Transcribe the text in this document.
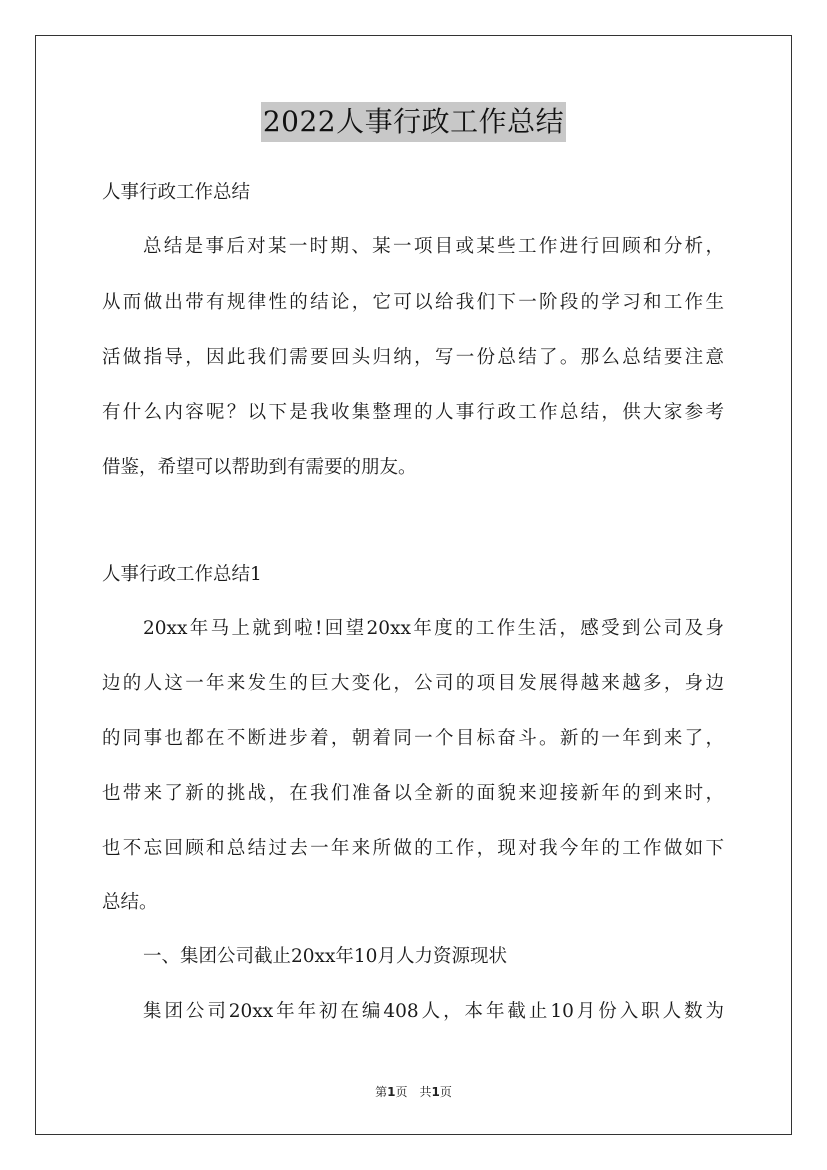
2022人事行政工作总结
人事行政工作总结
总结是事后对某一时期、某一项目或某些工作进行回顾和分析，
从而做出带有规律性的结论，它可以给我们下一阶段的学习和工作生
活做指导，因此我们需要回头归纳，写一份总结了。那么总结要注意
有什么内容呢？以下是我收集整理的人事行政工作总结，供大家参考
借鉴，希望可以帮助到有需要的朋友。
人事行政工作总结1
20xx年马上就到啦!回望20xx年度的工作生活，感受到公司及身
边的人这一年来发生的巨大变化，公司的项目发展得越来越多，身边
的同事也都在不断进步着，朝着同一个目标奋斗。新的一年到来了，
也带来了新的挑战，在我们准备以全新的面貌来迎接新年的到来时，
也不忘回顾和总结过去一年来所做的工作，现对我今年的工作做如下
总结。
一、集团公司截止20xx年10月人力资源现状
集团公司20xx年年初在编408人，本年截止10月份入职人数为
第1页　共1页
